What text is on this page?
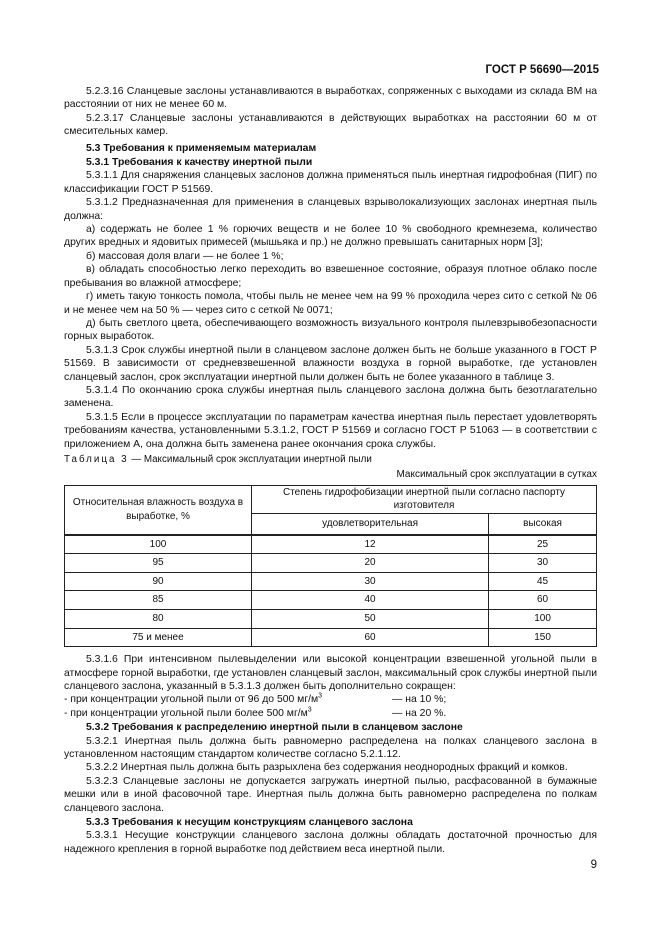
ГОСТ Р 56690—2015

5.2.3.16 Сланцевые заслоны устанавливаются в выработках, сопряженных с выходами из склада ВМ на расстоянии от них не менее 60 м.

5.2.3.17 Сланцевые заслоны устанавливаются в действующих выработках на расстоянии 60 м от смесительных камер.

5.3 Требования к применяемым материалам

5.3.1 Требования к качеству инертной пыли

5.3.1.1 Для снаряжения сланцевых заслонов должна применяться пыль инертная гидрофобная (ПИГ) по классификации ГОСТ Р 51569.

5.3.1.2 Предназначенная для применения в сланцевых взрыволокализующих заслонах инертная пыль должна:

а) содержать не более 1 % горючих веществ и не более 10 % свободного кремнезема, количество других вредных и ядовитых примесей (мышьяка и пр.) не должно превышать санитарных норм [3];

б) массовая доля влаги — не более 1 %;

в) обладать способностью легко переходить во взвешенное состояние, образуя плотное облако после пребывания во влажной атмосфере;

г) иметь такую тонкость помола, чтобы пыль не менее чем на 99 % проходила через сито с сеткой № 06 и не менее чем на 50 % — через сито с сеткой № 0071;

д) быть светлого цвета, обеспечивающего возможность визуального контроля пылевзрывобезопасности горных выработок.

5.3.1.3 Срок службы инертной пыли в сланцевом заслоне должен быть не больше указанного в ГОСТ Р 51569. В зависимости от средневзвешенной влажности воздуха в горной выработке, где установлен сланцевый заслон, срок эксплуатации инертной пыли должен быть не более указанного в таблице 3.

5.3.1.4 По окончанию срока службы инертная пыль сланцевого заслона должна быть безотлагательно заменена.

5.3.1.5 Если в процессе эксплуатации по параметрам качества инертная пыль перестает удовлетворять требованиям качества, установленными 5.3.1.2, ГОСТ Р 51569 и согласно ГОСТ Р 51063 — в соответствии с приложением А, она должна быть заменена ранее окончания срока службы.

Таблица 3 — Максимальный срок эксплуатации инертной пыли

Максимальный срок эксплуатации в сутках
Относительная влажность воздуха в выработке, %	Степень гидрофобизации инертной пыли согласно паспорту изготовителя	
	удовлетворительная	высокая
100	12	25
95	20	30
90	30	45
85	40	60
80	50	100
75 и менее	60	150

5.3.1.6 При интенсивном пылевыделении или высокой концентрации взвешенной угольной пыли в атмосфере горной выработки, где установлен сланцевый заслон, максимальный срок службы инертной пыли сланцевого заслона, указанный в 5.3.1.3 должен быть дополнительно сокращен:

- при концентрации угольной пыли от 96 до 500 $мг/м^3$	— на 10 %;

- при концентрации угольной пыли более 500 $мг/м^3$	— на 20 %.

5.3.2 Требования к распределению инертной пыли в сланцевом заслоне

5.3.2.1 Инертная пыль должна быть равномерно распределена на полках сланцевого заслона в установленном настоящим стандартом количестве согласно 5.2.1.12.

5.3.2.2 Инертная пыль должна быть разрыхлена без содержания неоднородных фракций и комков.

5.3.2.3 Сланцевые заслоны не допускается загружать инертной пылью, расфасованной в бумажные мешки или в иной фасовочной таре. Инертная пыль должна быть равномерно распределена по полкам сланцевого заслона.

5.3.3 Требования к несущим конструкциям сланцевого заслона

5.3.3.1 Несущие конструкции сланцевого заслона должны обладать достаточной прочностью для надежного крепления в горной выработке под действием веса инертной пыли.

9
